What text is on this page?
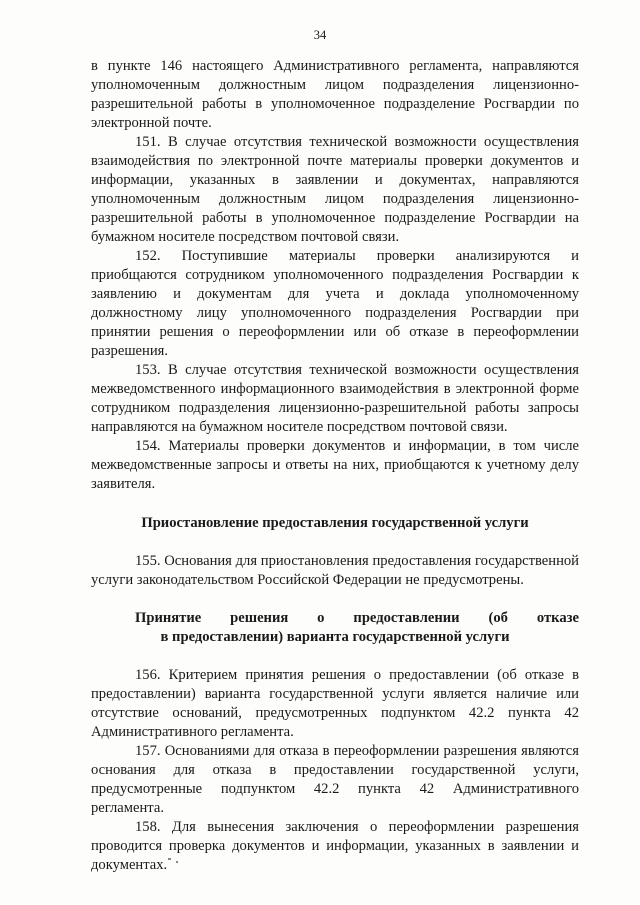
34

в пункте 146 настоящего Административного регламента, направляются уполномоченным должностным лицом подразделения лицензионно-разрешительной работы в уполномоченное подразделение Росгвардии по электронной почте.

151. В случае отсутствия технической возможности осуществления взаимодействия по электронной почте материалы проверки документов и информации, указанных в заявлении и документах, направляются уполномоченным должностным лицом подразделения лицензионно-разрешительной работы в уполномоченное подразделение Росгвардии на бумажном носителе посредством почтовой связи.

152. Поступившие материалы проверки анализируются и приобщаются сотрудником уполномоченного подразделения Росгвардии к заявлению и документам для учета и доклада уполномоченному должностному лицу уполномоченного подразделения Росгвардии при принятии решения о переоформлении или об отказе в переоформлении разрешения.

153. В случае отсутствия технической возможности осуществления межведомственного информационного взаимодействия в электронной форме сотрудником подразделения лицензионно-разрешительной работы запросы направляются на бумажном носителе посредством почтовой связи.

154. Материалы проверки документов и информации, в том числе межведомственные запросы и ответы на них, приобщаются к учетному делу заявителя.

Приостановление предоставления государственной услуги

155. Основания для приостановления предоставления государственной услуги законодательством Российской Федерации не предусмотрены.

Принятие решения о предоставлении (об отказе
в предоставлении) варианта государственной услуги

156. Критерием принятия решения о предоставлении (об отказе в предоставлении) варианта государственной услуги является наличие или отсутствие оснований, предусмотренных подпунктом 42.2 пункта 42 Административного регламента.

157. Основаниями для отказа в переоформлении разрешения являются основания для отказа в предоставлении государственной услуги, предусмотренные подпунктом 42.2 пункта 42 Административного регламента.

158. Для вынесения заключения о переоформлении разрешения проводится проверка документов и информации, указанных в заявлении и документах.
